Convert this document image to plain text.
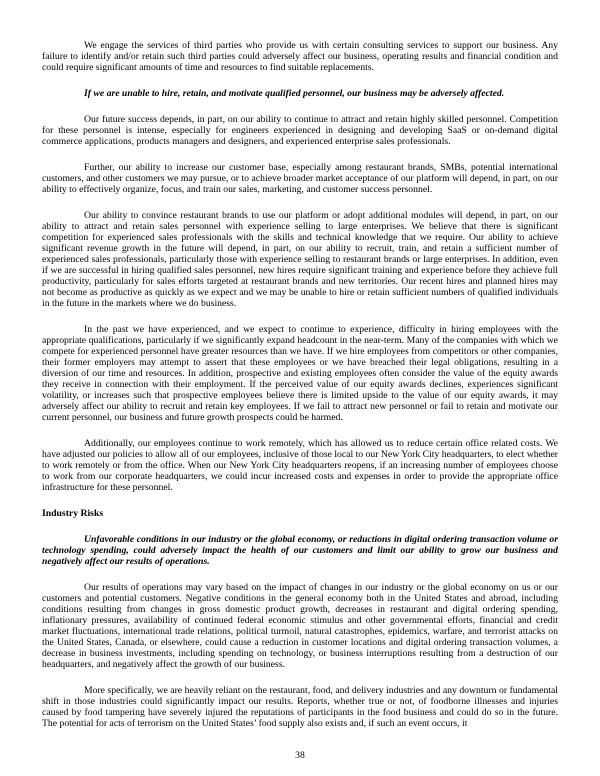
We engage the services of third parties who provide us with certain consulting services to support our business. Any failure to identify and/or retain such third parties could adversely affect our business, operating results and financial condition and could require significant amounts of time and resources to find suitable replacements.

If we are unable to hire, retain, and motivate qualified personnel, our business may be adversely affected.

Our future success depends, in part, on our ability to continue to attract and retain highly skilled personnel. Competition for these personnel is intense, especially for engineers experienced in designing and developing SaaS or on-demand digital commerce applications, products managers and designers, and experienced enterprise sales professionals.

Further, our ability to increase our customer base, especially among restaurant brands, SMBs, potential international customers, and other customers we may pursue, or to achieve broader market acceptance of our platform will depend, in part, on our ability to effectively organize, focus, and train our sales, marketing, and customer success personnel.

Our ability to convince restaurant brands to use our platform or adopt additional modules will depend, in part, on our ability to attract and retain sales personnel with experience selling to large enterprises. We believe that there is significant competition for experienced sales professionals with the skills and technical knowledge that we require. Our ability to achieve significant revenue growth in the future will depend, in part, on our ability to recruit, train, and retain a sufficient number of experienced sales professionals, particularly those with experience selling to restaurant brands or large enterprises. In addition, even if we are successful in hiring qualified sales personnel, new hires require significant training and experience before they achieve full productivity, particularly for sales efforts targeted at restaurant brands and new territories. Our recent hires and planned hires may not become as productive as quickly as we expect and we may be unable to hire or retain sufficient numbers of qualified individuals in the future in the markets where we do business.

In the past we have experienced, and we expect to continue to experience, difficulty in hiring employees with the appropriate qualifications, particularly if we significantly expand headcount in the near-term. Many of the companies with which we compete for experienced personnel have greater resources than we have. If we hire employees from competitors or other companies, their former employers may attempt to assert that these employees or we have breached their legal obligations, resulting in a diversion of our time and resources. In addition, prospective and existing employees often consider the value of the equity awards they receive in connection with their employment. If the perceived value of our equity awards declines, experiences significant volatility, or increases such that prospective employees believe there is limited upside to the value of our equity awards, it may adversely affect our ability to recruit and retain key employees. If we fail to attract new personnel or fail to retain and motivate our current personnel, our business and future growth prospects could be harmed.

Additionally, our employees continue to work remotely, which has allowed us to reduce certain office related costs. We have adjusted our policies to allow all of our employees, inclusive of those local to our New York City headquarters, to elect whether to work remotely or from the office. When our New York City headquarters reopens, if an increasing number of employees choose to work from our corporate headquarters, we could incur increased costs and expenses in order to provide the appropriate office infrastructure for these personnel.

Industry Risks

Unfavorable conditions in our industry or the global economy, or reductions in digital ordering transaction volume or technology spending, could adversely impact the health of our customers and limit our ability to grow our business and negatively affect our results of operations.

Our results of operations may vary based on the impact of changes in our industry or the global economy on us or our customers and potential customers. Negative conditions in the general economy both in the United States and abroad, including conditions resulting from changes in gross domestic product growth, decreases in restaurant and digital ordering spending, inflationary pressures, availability of continued federal economic stimulus and other governmental efforts, financial and credit market fluctuations, international trade relations, political turmoil, natural catastrophes, epidemics, warfare, and terrorist attacks on the United States, Canada, or elsewhere, could cause a reduction in customer locations and digital ordering transaction volumes, a decrease in business investments, including spending on technology, or business interruptions resulting from a destruction of our headquarters, and negatively affect the growth of our business.

More specifically, we are heavily reliant on the restaurant, food, and delivery industries and any downturn or fundamental shift in those industries could significantly impact our results. Reports, whether true or not, of foodborne illnesses and injuries caused by food tampering have severely injured the reputations of participants in the food business and could do so in the future. The potential for acts of terrorism on the United States’ food supply also exists and, if such an event occurs, it

38
